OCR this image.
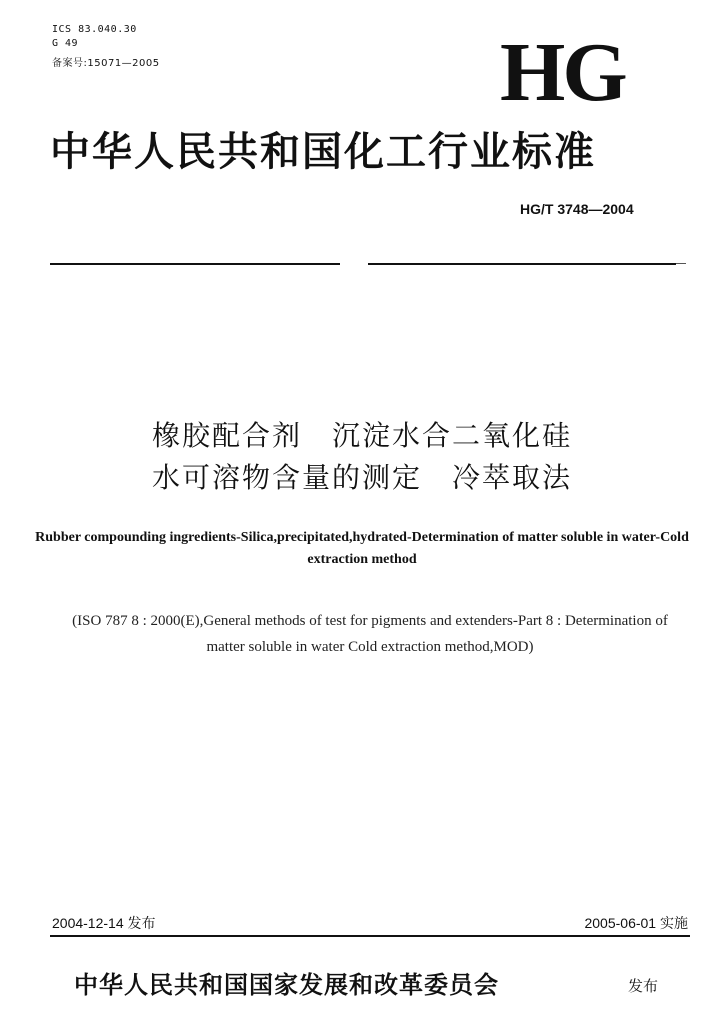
ICS 83.040.30
G 49
备案号:15071—2005	HG
中华人民共和国化工行业标准
HG/T 3748—2004
橡胶配合剂　沉淀水合二氧化硅
水可溶物含量的测定　冷萃取法
Rubber compounding ingredients-Silica,precipitated,hydrated-Determination of matter soluble in water-Cold extraction method
(ISO 787 8 : 2000(E),General methods of test for pigments and extenders-Part 8 : Determination of matter soluble in water Cold extraction method,MOD)
2004-12-14 发布	2005-06-01 实施
中华人民共和国国家发展和改革委员会	发布
